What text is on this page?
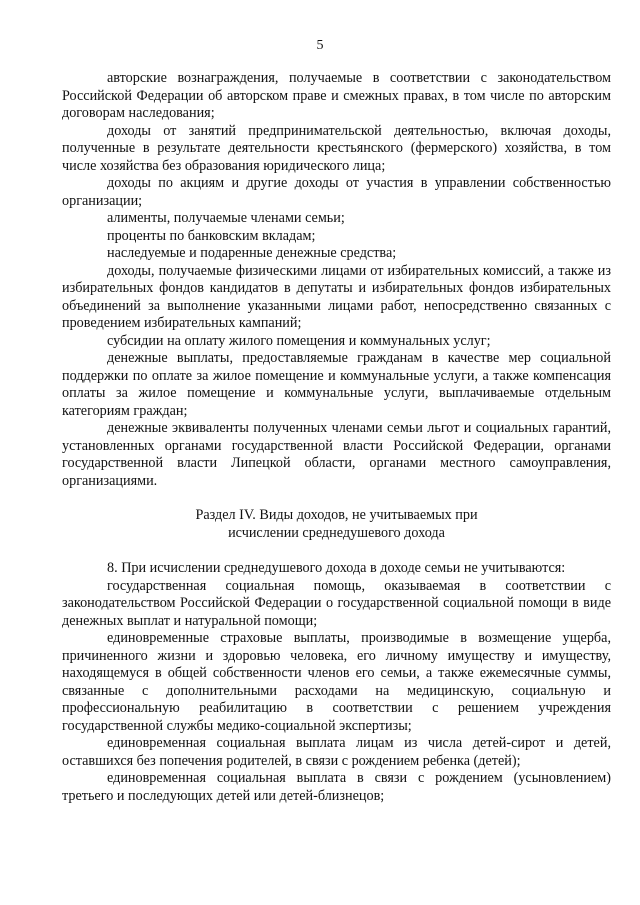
5

авторские вознаграждения, получаемые в соответствии с законодательством Российской Федерации об авторском праве и смежных правах, в том числе по авторским договорам наследования;

доходы от занятий предпринимательской деятельностью, включая доходы, полученные в результате деятельности крестьянского (фермерского) хозяйства, в том числе хозяйства без образования юридического лица;

доходы по акциям и другие доходы от участия в управлении собственностью организации;

алименты, получаемые членами семьи;

проценты по банковским вкладам;

наследуемые и подаренные денежные средства;

доходы, получаемые физическими лицами от избирательных комиссий, а также из избирательных фондов кандидатов в депутаты и избирательных фондов избирательных объединений за выполнение указанными лицами работ, непосредственно связанных с проведением избирательных кампаний;

субсидии на оплату жилого помещения и коммунальных услуг;

денежные выплаты, предоставляемые гражданам в качестве мер социальной поддержки по оплате за жилое помещение и коммунальные услуги, а также компенсация оплаты за жилое помещение и коммунальные услуги, выплачиваемые отдельным категориям граждан;

денежные эквиваленты полученных членами семьи льгот и социальных гарантий, установленных органами государственной власти Российской Федерации, органами государственной власти Липецкой области, органами местного самоуправления, организациями.

Раздел IV. Виды доходов, не учитываемых при
исчислении среднедушевого дохода

8. При исчислении среднедушевого дохода в доходе семьи не учитываются:

государственная социальная помощь, оказываемая в соответствии с законодательством Российской Федерации о государственной социальной помощи в виде денежных выплат и натуральной помощи;

единовременные страховые выплаты, производимые в возмещение ущерба, причиненного жизни и здоровью человека, его личному имуществу и имуществу, находящемуся в общей собственности членов его семьи, а также ежемесячные суммы, связанные с дополнительными расходами на медицинскую, социальную и профессиональную реабилитацию в соответствии с решением учреждения государственной службы медико-социальной экспертизы;

единовременная социальная выплата лицам из числа детей-сирот и детей, оставшихся без попечения родителей, в связи с рождением ребенка (детей);

единовременная социальная выплата в связи с рождением (усыновлением) третьего и последующих детей или детей-близнецов;
